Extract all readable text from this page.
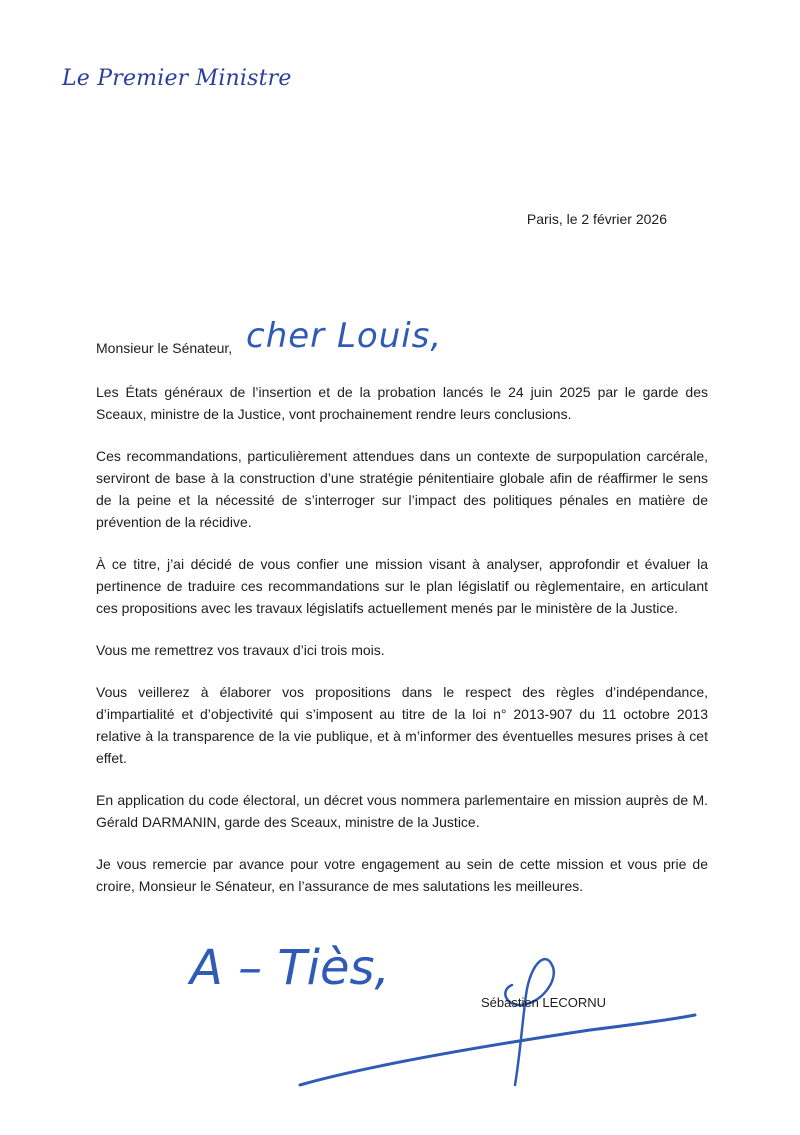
Le Premier Ministre
Paris, le 2 février 2026
Monsieur le Sénateur, cher Louis,

Les États généraux de l’insertion et de la probation lancés le 24 juin 2025 par le garde des Sceaux, ministre de la Justice, vont prochainement rendre leurs conclusions.

Ces recommandations, particulièrement attendues dans un contexte de surpopulation carcérale, serviront de base à la construction d’une stratégie pénitentiaire globale afin de réaffirmer le sens de la peine et la nécessité de s’interroger sur l’impact des politiques pénales en matière de prévention de la récidive.

À ce titre, j’ai décidé de vous confier une mission visant à analyser, approfondir et évaluer la pertinence de traduire ces recommandations sur le plan législatif ou règlementaire, en articulant ces propositions avec les travaux législatifs actuellement menés par le ministère de la Justice.

Vous me remettrez vos travaux d’ici trois mois.

Vous veillerez à élaborer vos propositions dans le respect des règles d’indépendance, d’impartialité et d’objectivité qui s’imposent au titre de la loi n° 2013-907 du 11 octobre 2013 relative à la transparence de la vie publique, et à m’informer des éventuelles mesures prises à cet effet.

En application du code électoral, un décret vous nommera parlementaire en mission auprès de M. Gérald DARMANIN, garde des Sceaux, ministre de la Justice.

Je vous remercie par avance pour votre engagement au sein de cette mission et vous prie de croire, Monsieur le Sénateur, en l’assurance de mes salutations les meilleures.

A – Tiès,
Sébastien LECORNU
